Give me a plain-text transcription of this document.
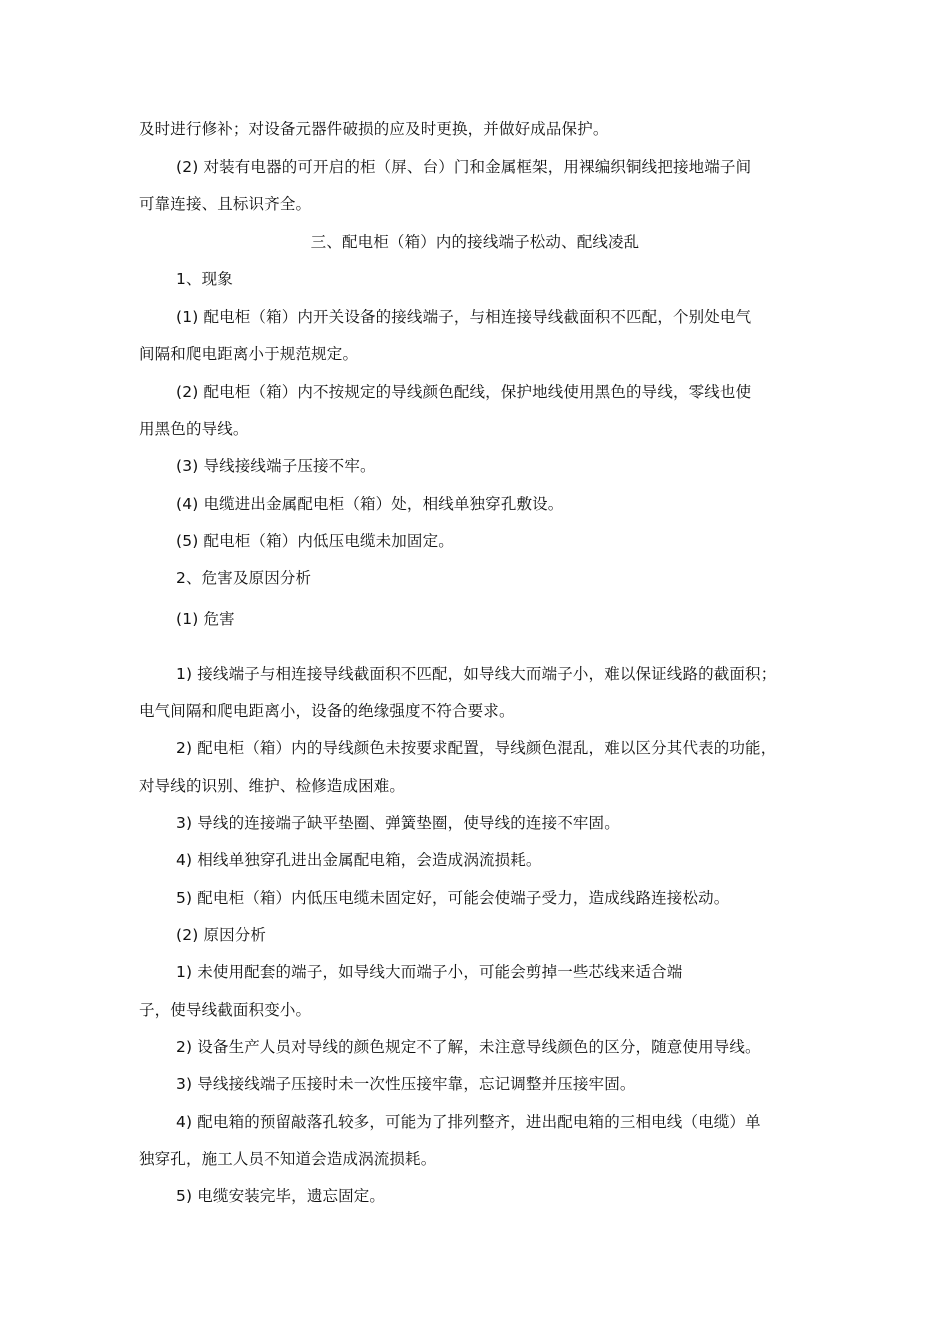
及时进行修补；对设备元器件破损的应及时更换，并做好成品保护。
(2) 对装有电器的可开启的柜（屏、台）门和金属框架，用裸编织铜线把接地端子间
可靠连接、且标识齐全。
三、配电柜（箱）内的接线端子松动、配线凌乱
1、现象
(1) 配电柜（箱）内开关设备的接线端子，与相连接导线截面积不匹配，个别处电气
间隔和爬电距离小于规范规定。
(2) 配电柜（箱）内不按规定的导线颜色配线，保护地线使用黑色的导线，零线也使
用黑色的导线。
(3) 导线接线端子压接不牢。
(4) 电缆进出金属配电柜（箱）处，相线单独穿孔敷设。
(5) 配电柜（箱）内低压电缆未加固定。
2、危害及原因分析
(1) 危害
1) 接线端子与相连接导线截面积不匹配，如导线大而端子小，难以保证线路的截面积；
电气间隔和爬电距离小，设备的绝缘强度不符合要求。
2) 配电柜（箱）内的导线颜色未按要求配置，导线颜色混乱，难以区分其代表的功能，
对导线的识别、维护、检修造成困难。
3) 导线的连接端子缺平垫圈、弹簧垫圈，使导线的连接不牢固。
4) 相线单独穿孔进出金属配电箱，会造成涡流损耗。
5) 配电柜（箱）内低压电缆未固定好，可能会使端子受力，造成线路连接松动。
(2) 原因分析
1) 未使用配套的端子，如导线大而端子小，可能会剪掉一些芯线来适合端
子，使导线截面积变小。
2) 设备生产人员对导线的颜色规定不了解，未注意导线颜色的区分，随意使用导线。
3) 导线接线端子压接时未一次性压接牢靠，忘记调整并压接牢固。
4) 配电箱的预留敲落孔较多，可能为了排列整齐，进出配电箱的三相电线（电缆）单
独穿孔，施工人员不知道会造成涡流损耗。
5) 电缆安装完毕，遗忘固定。
